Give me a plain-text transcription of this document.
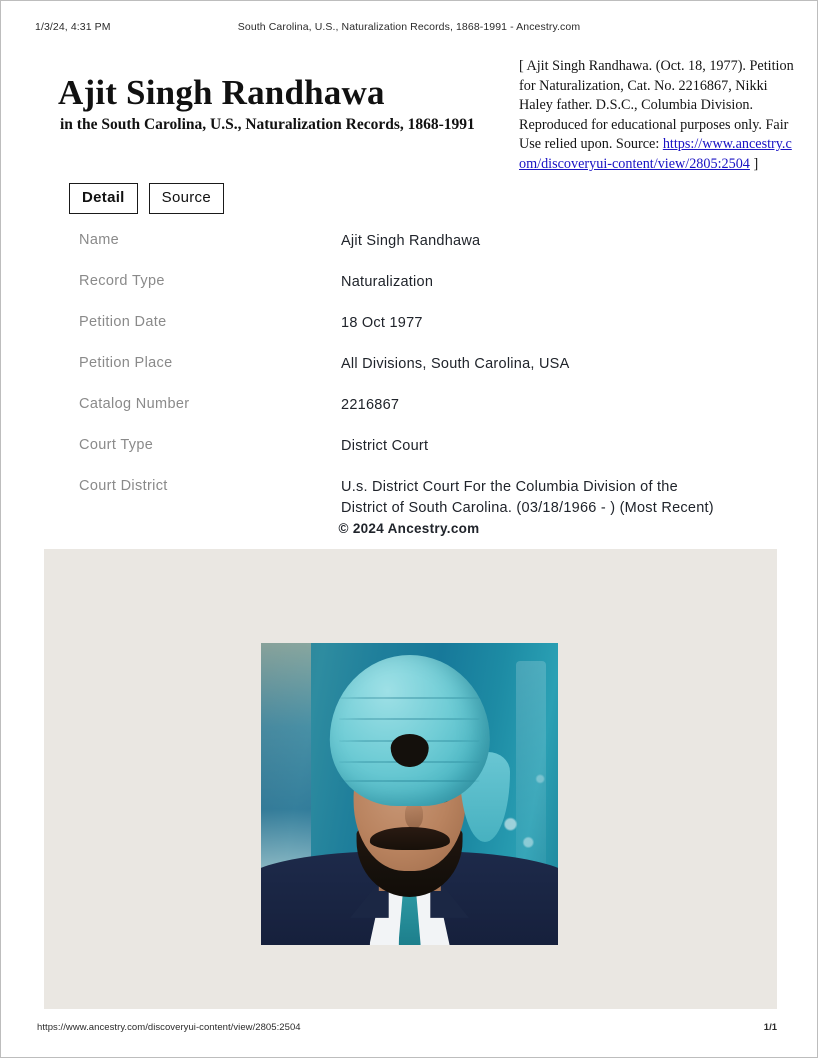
1/3/24, 4:31 PM	South Carolina, U.S., Naturalization Records, 1868-1991 - Ancestry.com
Ajit Singh Randhawa
in the South Carolina, U.S., Naturalization Records, 1868-1991
[ Ajit Singh Randhawa. (Oct. 18, 1977). Petition for Naturalization, Cat. No. 2216867, Nikki Haley father. D.S.C., Columbia Division. Reproduced for educational purposes only. Fair Use relied upon. Source: https://www.ancestry.com/discoveryui-content/view/2805:2504 ]
Detail	Source
Name	Ajit Singh Randhawa
Record Type	Naturalization
Petition Date	18 Oct 1977
Petition Place	All Divisions, South Carolina, USA
Catalog Number	2216867
Court Type	District Court
Court District	U.s. District Court For the Columbia Division of the
District of South Carolina. (03/18/1966 - ) (Most Recent)
© 2024 Ancestry.com
https://www.ancestry.com/discoveryui-content/view/2805:2504	1/1
